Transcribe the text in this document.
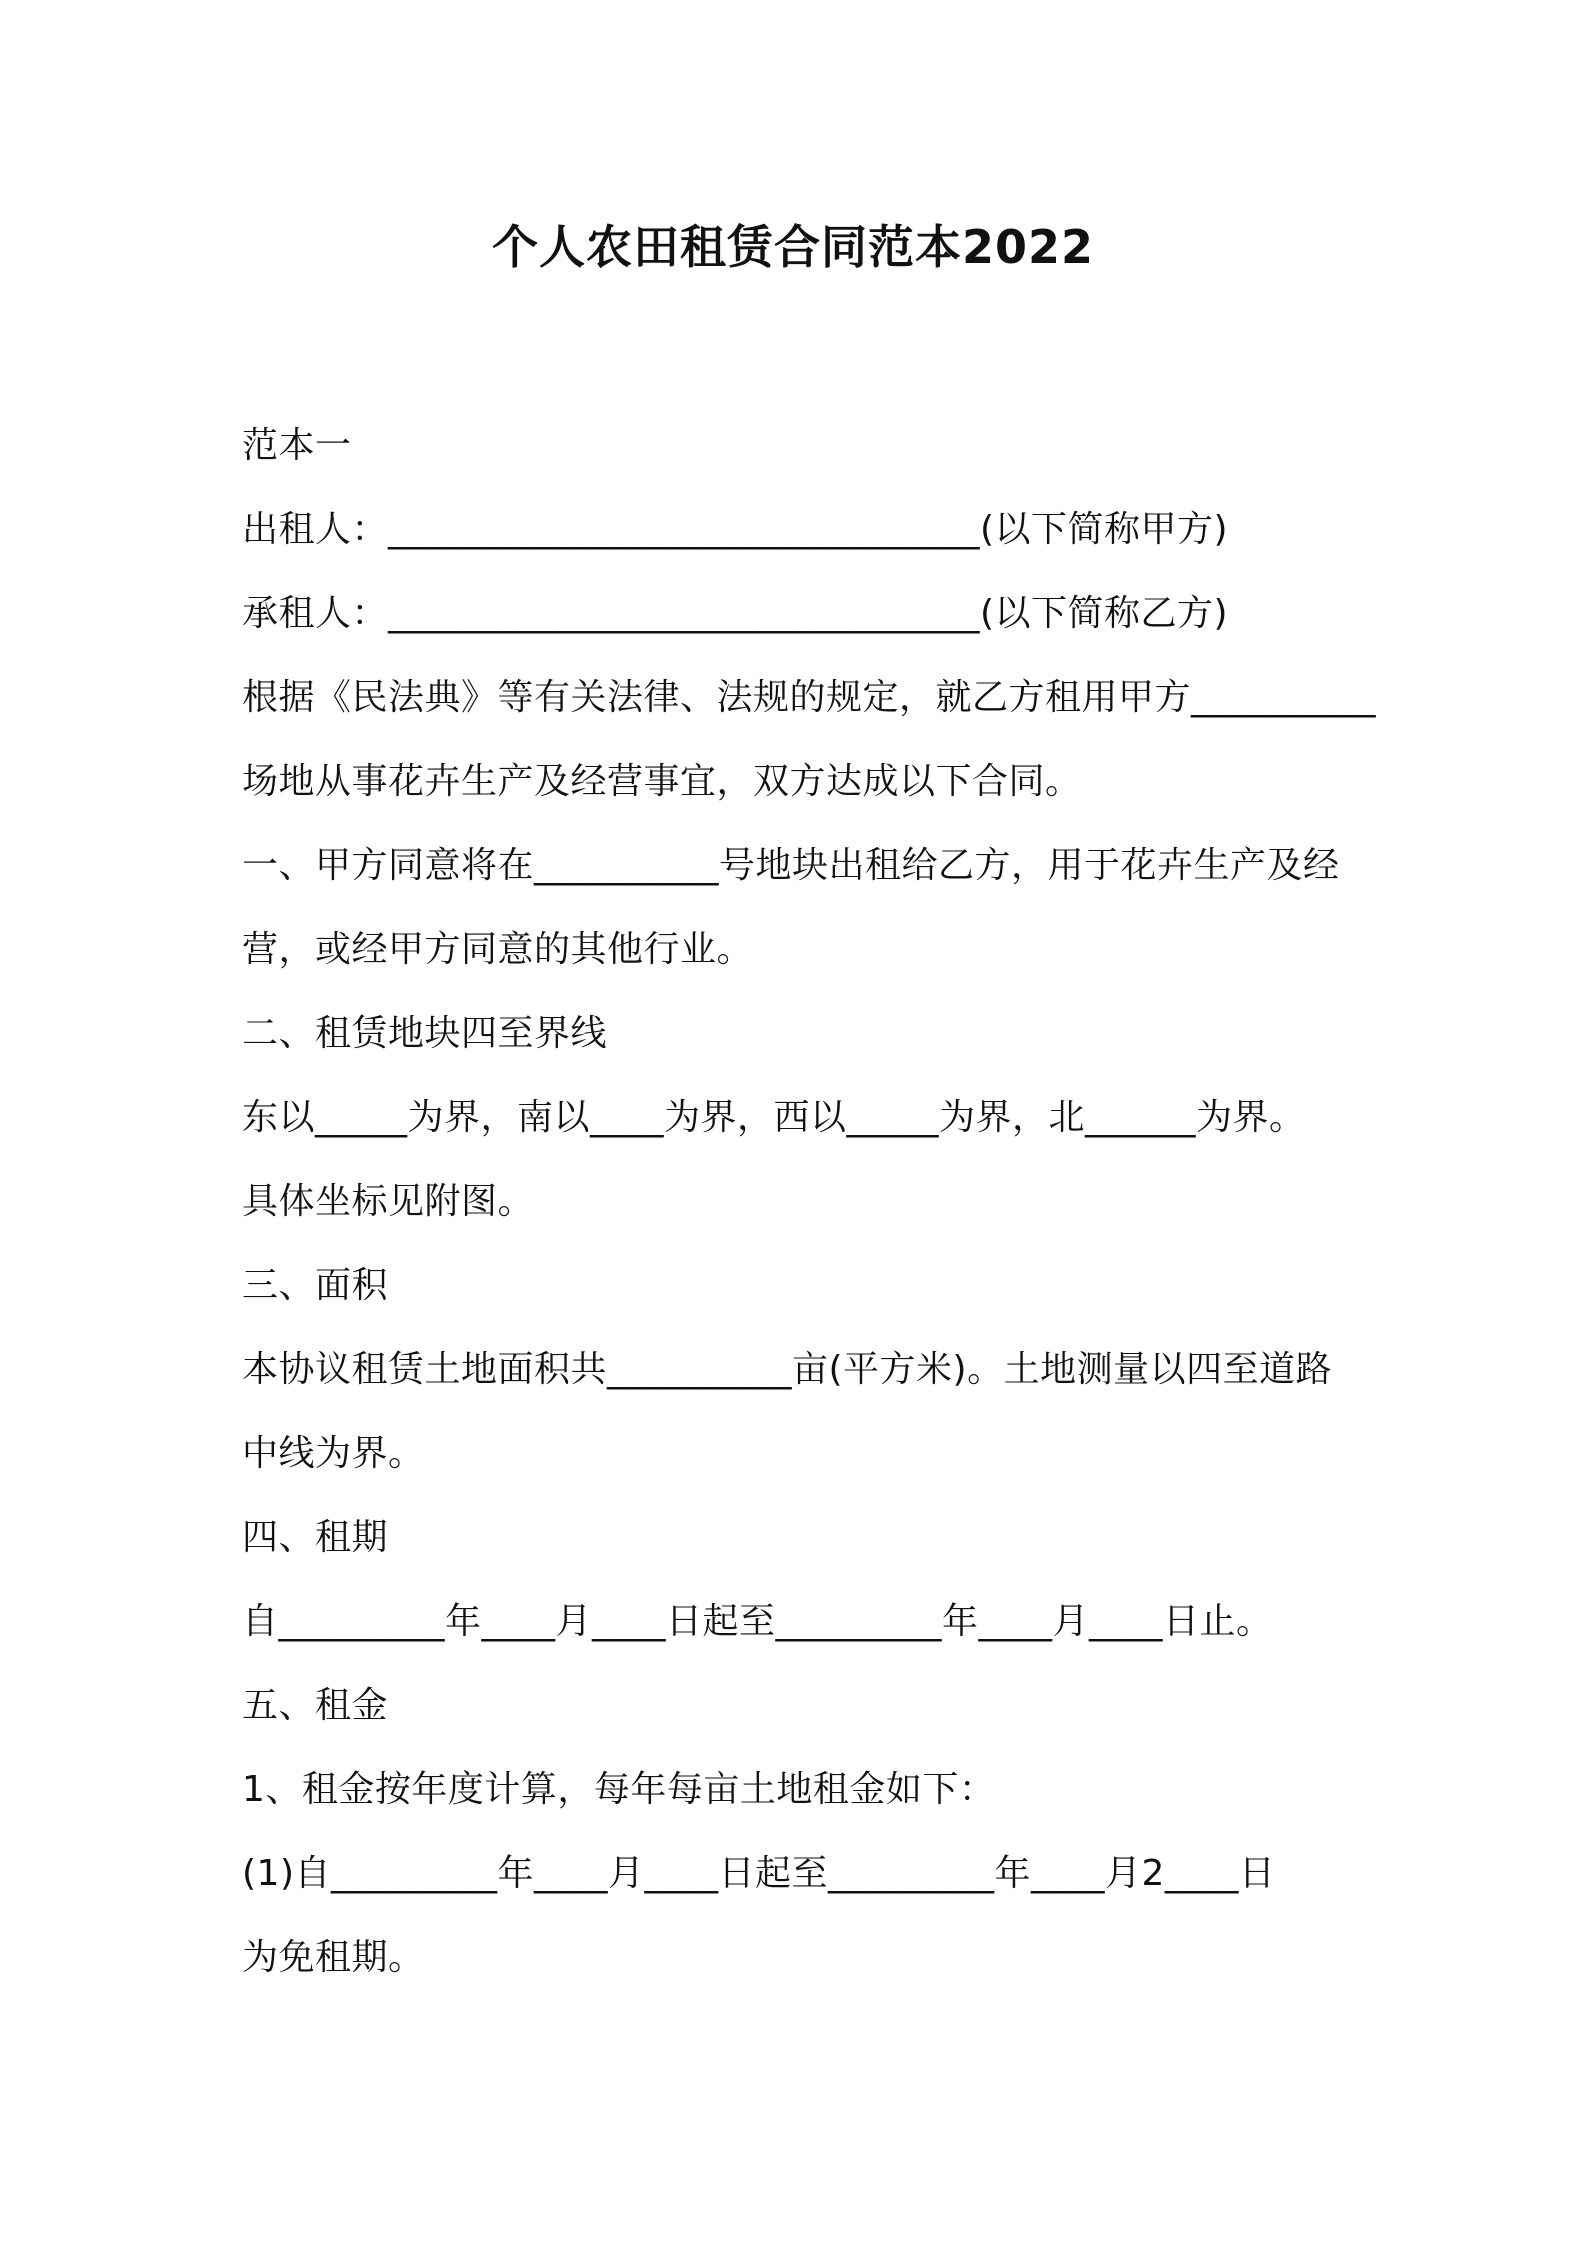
个人农田租赁合同范本2022
范本一
出租人：________________________________(以下简称甲方)
承租人：________________________________(以下简称乙方)
根据《民法典》等有关法律、法规的规定，就乙方租用甲方__________
场地从事花卉生产及经营事宜，双方达成以下合同。
一、甲方同意将在__________号地块出租给乙方，用于花卉生产及经
营，或经甲方同意的其他行业。
二、租赁地块四至界线
东以_____为界，南以____为界，西以_____为界，北______为界。
具体坐标见附图。
三、面积
本协议租赁土地面积共__________亩(平方米)。土地测量以四至道路
中线为界。
四、租期
自_________年____月____日起至_________年____月____日止。
五、租金
1、租金按年度计算，每年每亩土地租金如下：
(1)自_________年____月____日起至_________年____月2____日
为免租期。
